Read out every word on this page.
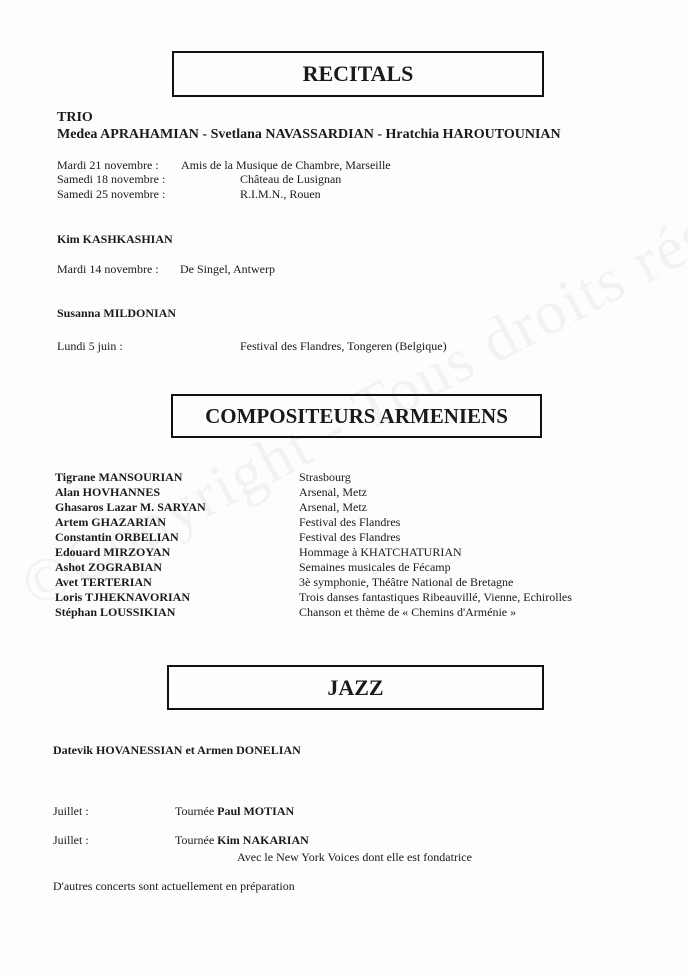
RECITALS
TRIO
Medea APRAHAMIAN - Svetlana NAVASSARDIAN - Hratchia HAROUTOUNIAN
Mardi 21 novembre : Amis de la Musique de Chambre, Marseille
Samedi 18 novembre :	Château de Lusignan
Samedi 25 novembre :	R.I.M.N., Rouen
Kim KASHKASHIAN
Mardi 14 novembre : De Singel, Antwerp
Susanna MILDONIAN
Lundi 5 juin :	Festival des Flandres, Tongeren (Belgique)
COMPOSITEURS ARMENIENS
Tigrane MANSOURIAN	Strasbourg
Alan HOVHANNES	Arsenal, Metz
Ghasaros Lazar M. SARYAN	Arsenal, Metz
Artem GHAZARIAN	Festival des Flandres
Constantin ORBELIAN	Festival des Flandres
Edouard MIRZOYAN	Hommage à KHATCHATURIAN
Ashot ZOGRABIAN	Semaines musicales de Fécamp
Avet TERTERIAN	3è symphonie, Théâtre National de Bretagne
Loris TJHEKNAVORIAN	Trois danses fantastiques Ribeauvillé, Vienne, Echirolles
Stéphan LOUSSIKIAN	Chanson et thème de « Chemins d'Arménie »
JAZZ
Datevik HOVANESSIAN et Armen DONELIAN
Juillet :	Tournée Paul MOTIAN
Juillet :	Tournée Kim NAKARIAN
Avec le New York Voices dont elle est fondatrice
D'autres concerts sont actuellement en préparation
